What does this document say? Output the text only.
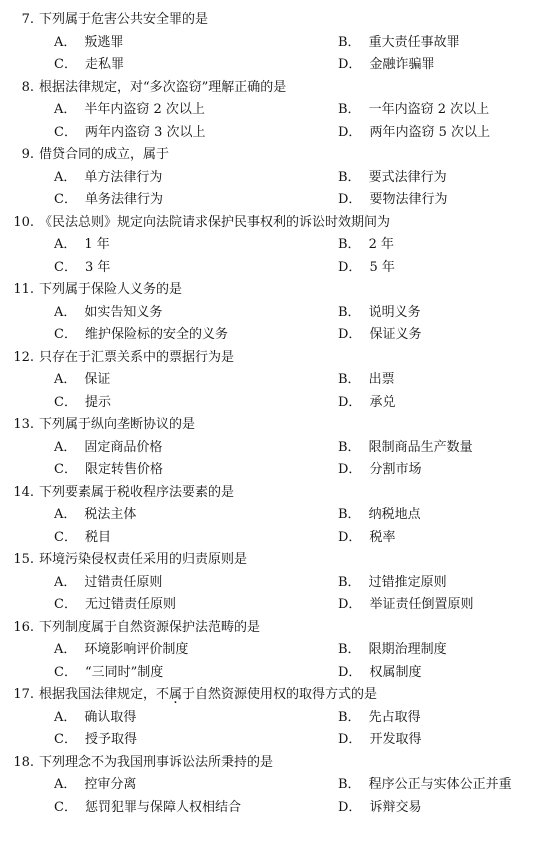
7. 下列属于危害公共安全罪的是
A． 叛逃罪	B． 重大责任事故罪
C． 走私罪	D． 金融诈骗罪
8. 根据法律规定，对“多次盗窃”理解正确的是
A． 半年内盗窃 2 次以上	B． 一年内盗窃 2 次以上
C． 两年内盗窃 3 次以上	D． 两年内盗窃 5 次以上
9. 借贷合同的成立，属于
A． 单方法律行为	B． 要式法律行为
C． 单务法律行为	D． 要物法律行为
10. 《民法总则》规定向法院请求保护民事权利的诉讼时效期间为
A． 1 年	B． 2 年
C． 3 年	D． 5 年
11. 下列属于保险人义务的是
A． 如实告知义务	B． 说明义务
C． 维护保险标的安全的义务	D． 保证义务
12. 只存在于汇票关系中的票据行为是
A． 保证	B． 出票
C． 提示	D． 承兑
13. 下列属于纵向垄断协议的是
A． 固定商品价格	B． 限制商品生产数量
C． 限定转售价格	D． 分割市场
14. 下列要素属于税收程序法要素的是
A． 税法主体	B． 纳税地点
C． 税目	D． 税率
15. 环境污染侵权责任采用的归责原则是
A． 过错责任原则	B． 过错推定原则
C． 无过错责任原则	D． 举证责任倒置原则
16. 下列制度属于自然资源保护法范畴的是
A． 环境影响评价制度	B． 限期治理制度
C． “三同时”制度	D． 权属制度
17. 根据我国法律规定，不属于自然资源使用权的取得方式的是
A． 确认取得	B． 先占取得
C． 授予取得	D． 开发取得
18. 下列理念不为我国刑事诉讼法所秉持的是
A． 控审分离	B． 程序公正与实体公正并重
C． 惩罚犯罪与保障人权相结合	D． 诉辩交易
